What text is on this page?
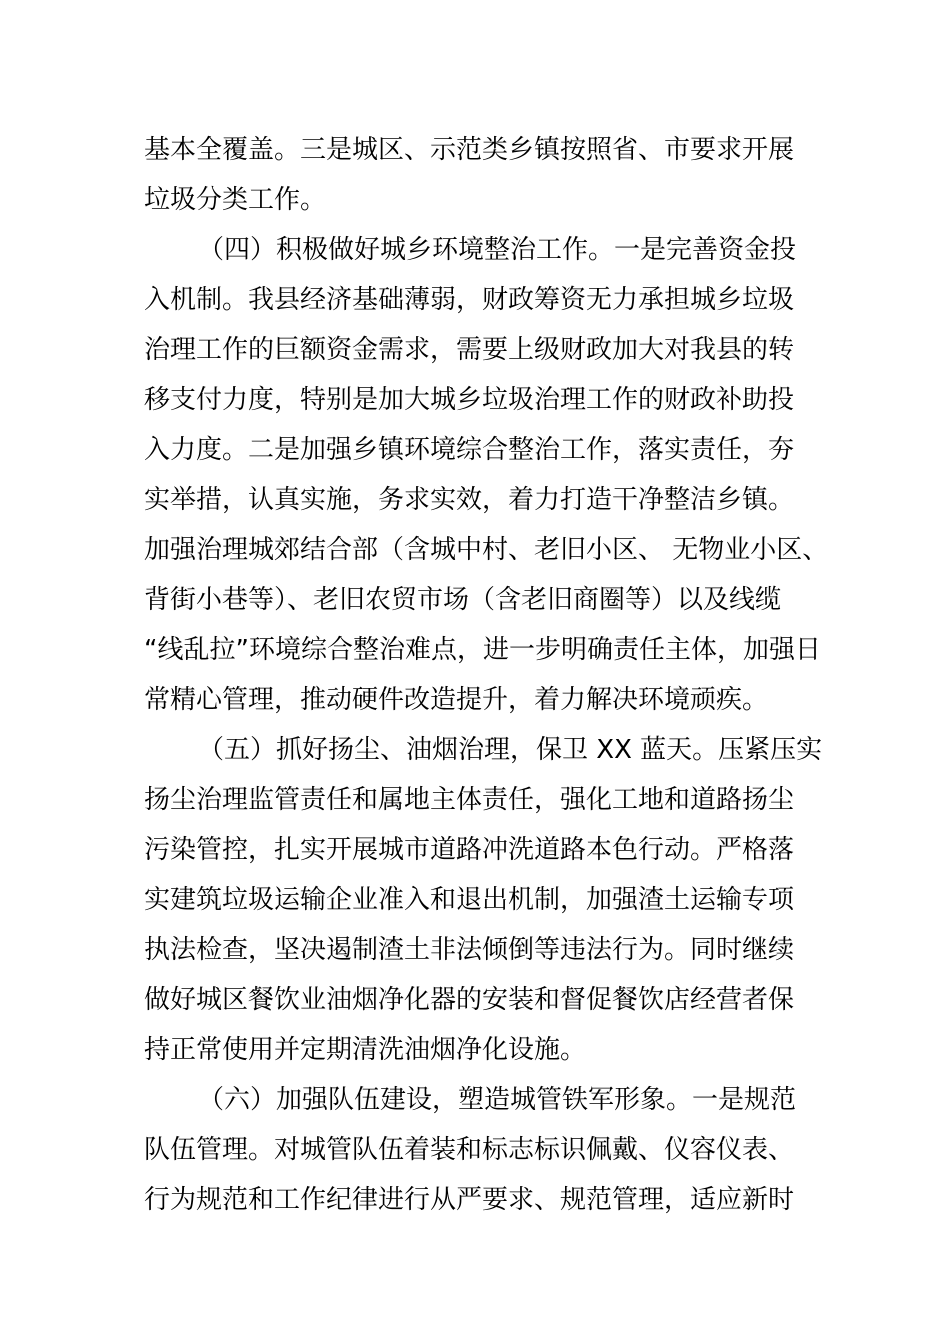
基本全覆盖。三是城区、示范类乡镇按照省、市要求开展
垃圾分类工作。
（四）积极做好城乡环境整治工作。一是完善资金投
入机制。我县经济基础薄弱，财政筹资无力承担城乡垃圾
治理工作的巨额资金需求，需要上级财政加大对我县的转
移支付力度，特别是加大城乡垃圾治理工作的财政补助投
入力度。二是加强乡镇环境综合整治工作，落实责任，夯
实举措，认真实施，务求实效，着力打造干净整洁乡镇。
加强治理城郊结合部（含城中村、老旧小区、 无物业小区、
背街小巷等）、老旧农贸市场（含老旧商圈等）以及线缆
“线乱拉”环境综合整治难点，进一步明确责任主体，加强日
常精心管理，推动硬件改造提升，着力解决环境顽疾。
（五）抓好扬尘、油烟治理，保卫 XX 蓝天。压紧压实
扬尘治理监管责任和属地主体责任，强化工地和道路扬尘
污染管控，扎实开展城市道路冲洗道路本色行动。严格落
实建筑垃圾运输企业准入和退出机制，加强渣土运输专项
执法检查，坚决遏制渣土非法倾倒等违法行为。同时继续
做好城区餐饮业油烟净化器的安装和督促餐饮店经营者保
持正常使用并定期清洗油烟净化设施。
（六）加强队伍建设，塑造城管铁军形象。一是规范
队伍管理。对城管队伍着装和标志标识佩戴、仪容仪表、
行为规范和工作纪律进行从严要求、规范管理，适应新时
